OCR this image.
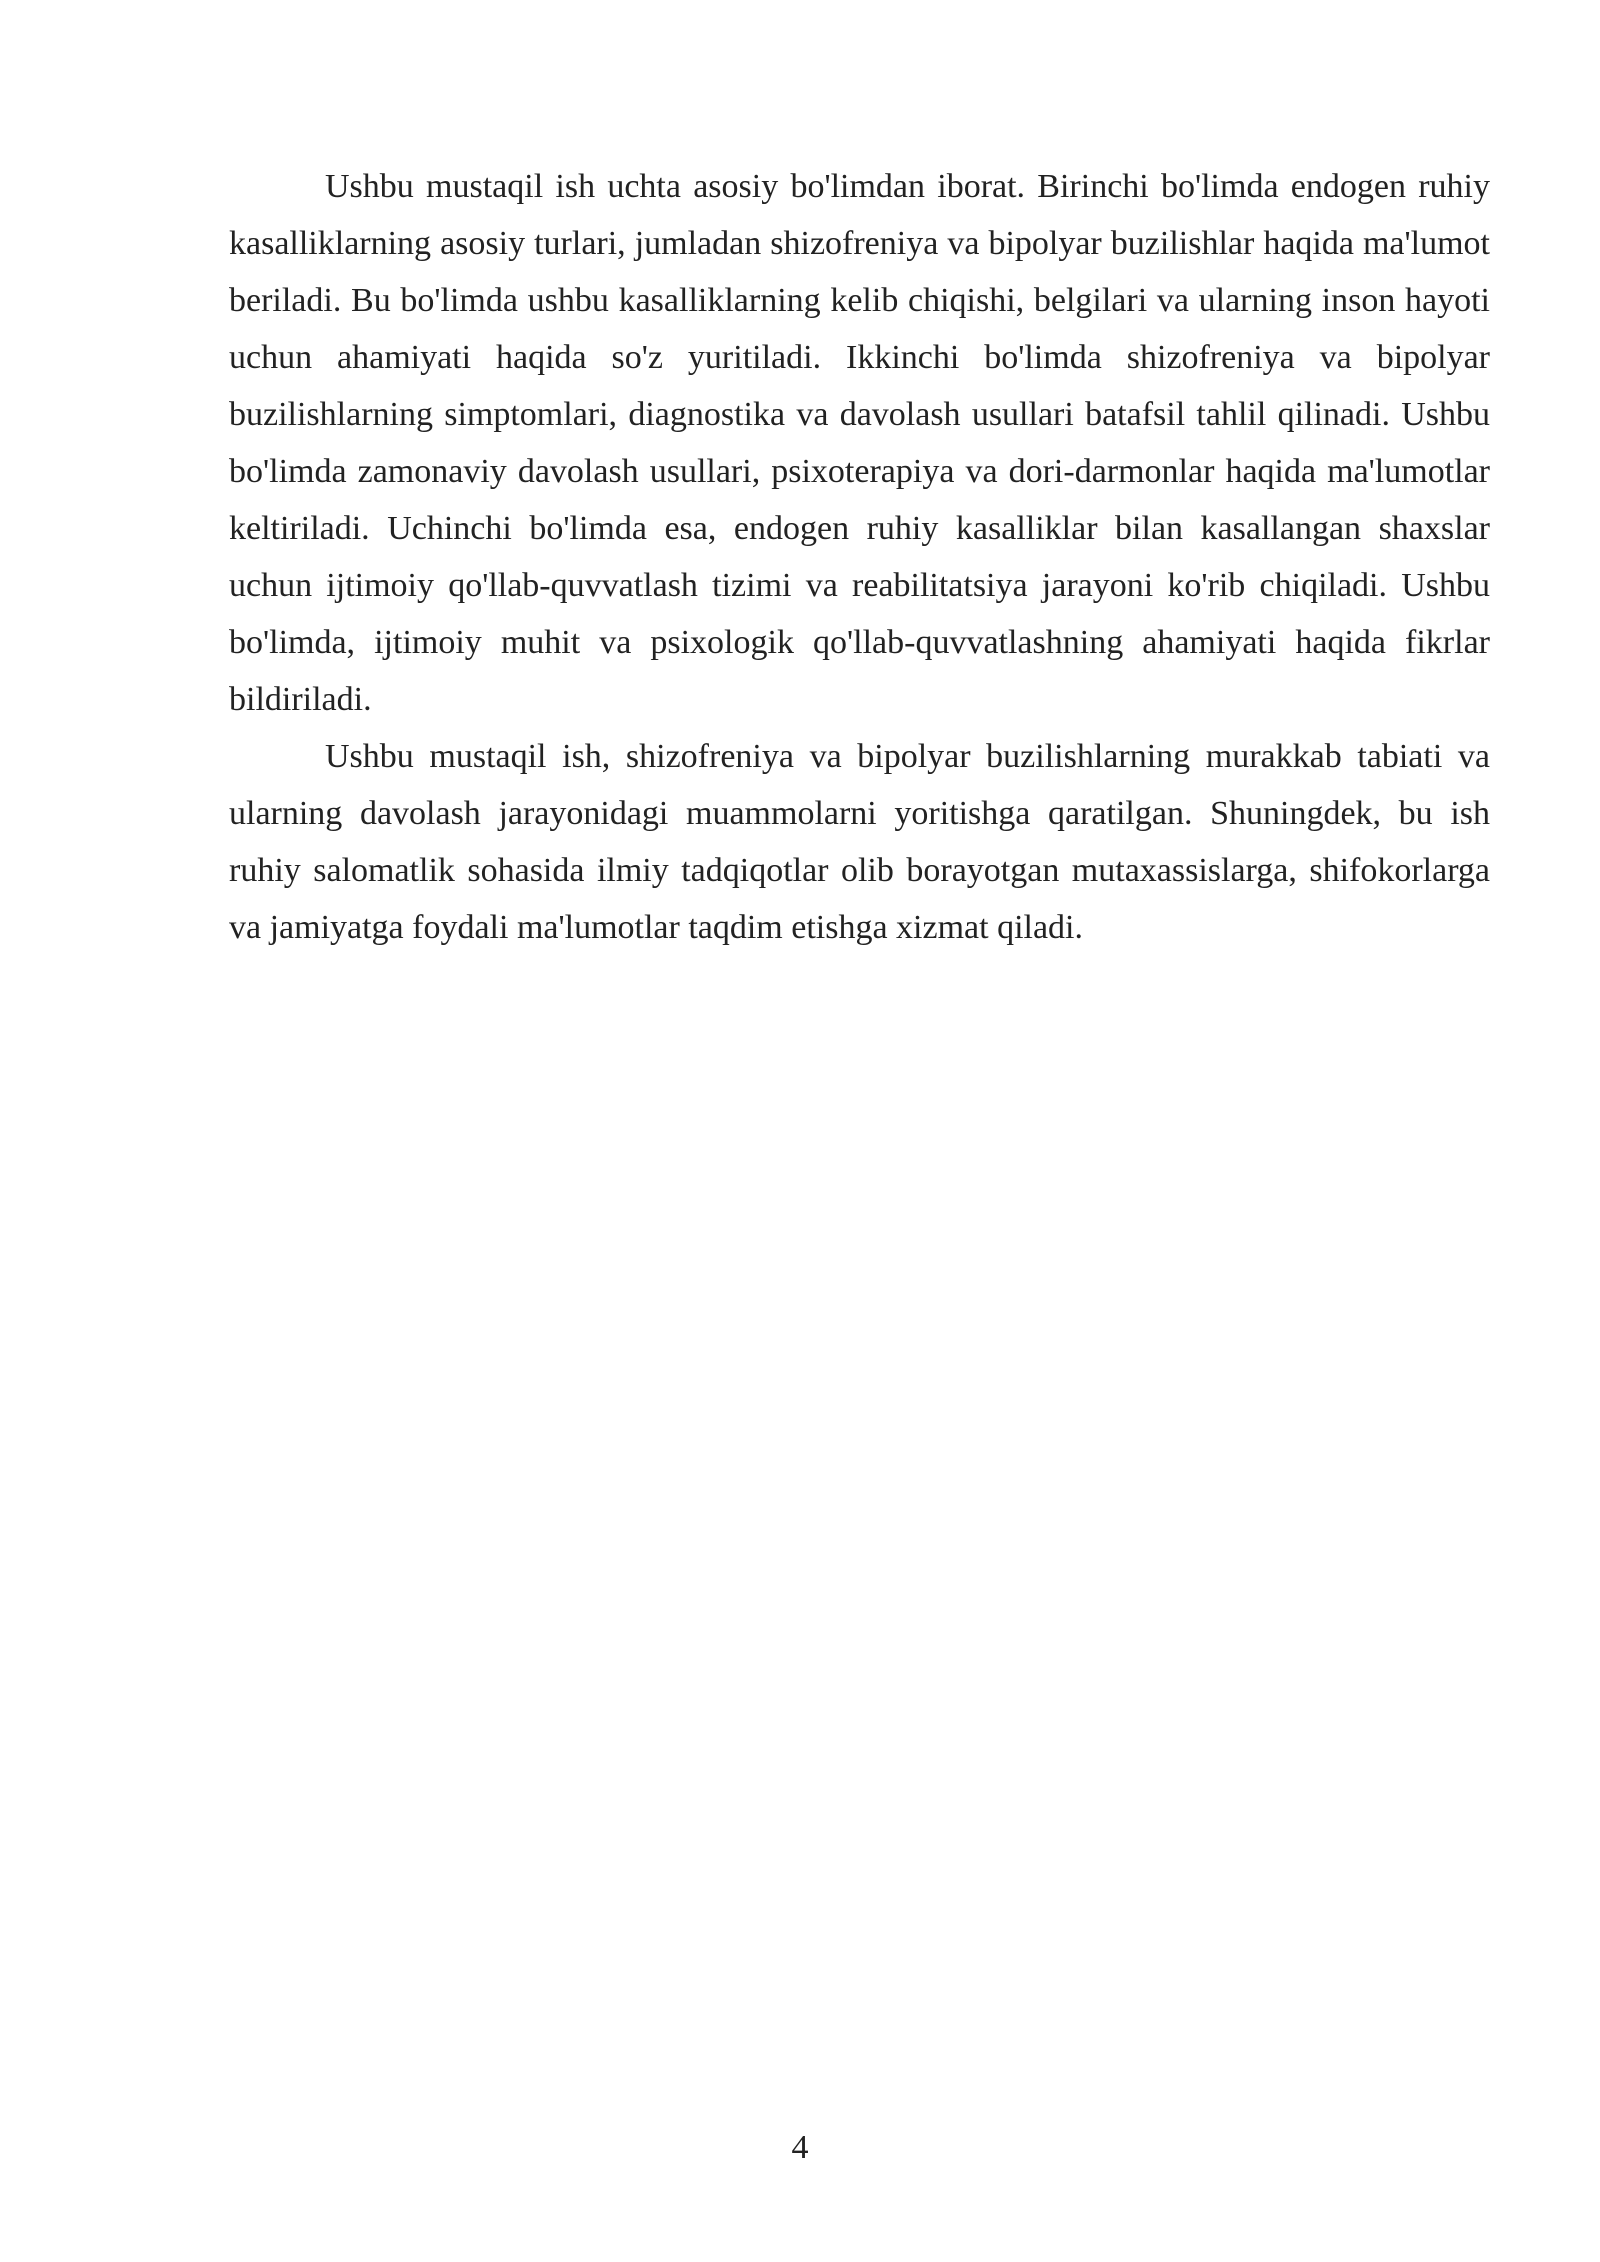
Ushbu mustaqil ish uchta asosiy bo'limdan iborat. Birinchi bo'limda endogen ruhiy kasalliklarning asosiy turlari, jumladan shizofreniya va bipolyar buzilishlar haqida ma'lumot beriladi. Bu bo'limda ushbu kasalliklarning kelib chiqishi, belgilari va ularning inson hayoti uchun ahamiyati haqida so'z yuritiladi. Ikkinchi bo'limda shizofreniya va bipolyar buzilishlarning simptomlari, diagnostika va davolash usullari batafsil tahlil qilinadi. Ushbu bo'limda zamonaviy davolash usullari, psixoterapiya va dori-darmonlar haqida ma'lumotlar keltiriladi. Uchinchi bo'limda esa, endogen ruhiy kasalliklar bilan kasallangan shaxslar uchun ijtimoiy qo'llab-quvvatlash tizimi va reabilitatsiya jarayoni ko'rib chiqiladi. Ushbu bo'limda, ijtimoiy muhit va psixologik qo'llab-quvvatlashning ahamiyati haqida fikrlar bildiriladi.

Ushbu mustaqil ish, shizofreniya va bipolyar buzilishlarning murakkab tabiati va ularning davolash jarayonidagi muammolarni yoritishga qaratilgan. Shuningdek, bu ish ruhiy salomatlik sohasida ilmiy tadqiqotlar olib borayotgan mutaxassislarga, shifokorlarga va jamiyatga foydali ma'lumotlar taqdim etishga xizmat qiladi.

4
